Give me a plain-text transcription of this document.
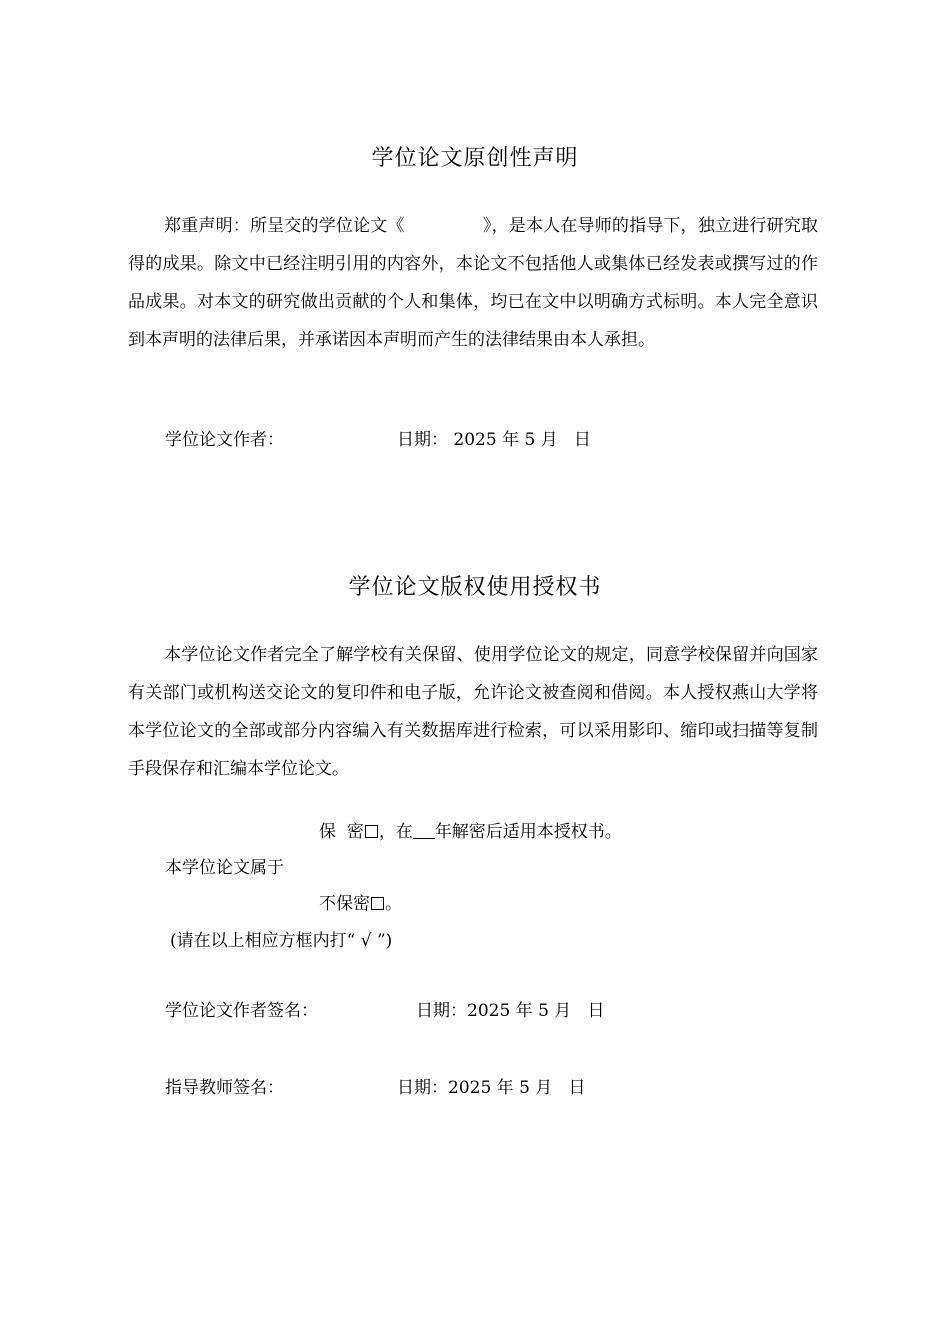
学位论文原创性声明

郑重声明：所呈交的学位论文《	》，是本人在导师的指导下，独立进行研究取得的成果。除文中已经注明引用的内容外，本论文不包括他人或集体已经发表或撰写过的作品成果。对本文的研究做出贡献的个人和集体，均已在文中以明确方式标明。本人完全意识到本声明的法律后果，并承诺因本声明而产生的法律结果由本人承担。

学位论文作者：	日期： 2025 年 5 月   日
学位论文版权使用授权书

本学位论文作者完全了解学校有关保留、使用学位论文的规定，同意学校保留并向国家有关部门或机构送交论文的复印件和电子版，允许论文被查阅和借阅。本人授权燕山大学将本学位论文的全部或部分内容编入有关数据库进行检索，可以采用影印、缩印或扫描等复制手段保存和汇编本学位论文。

保  密 ，在 年解密后适用本授权书。
本学位论文属于
不保密 。
(请在以上相应方框内打“ √ ”)
学位论文作者签名：	日期：2025 年 5 月   日
指导教师签名：	日期：2025 年 5 月   日
